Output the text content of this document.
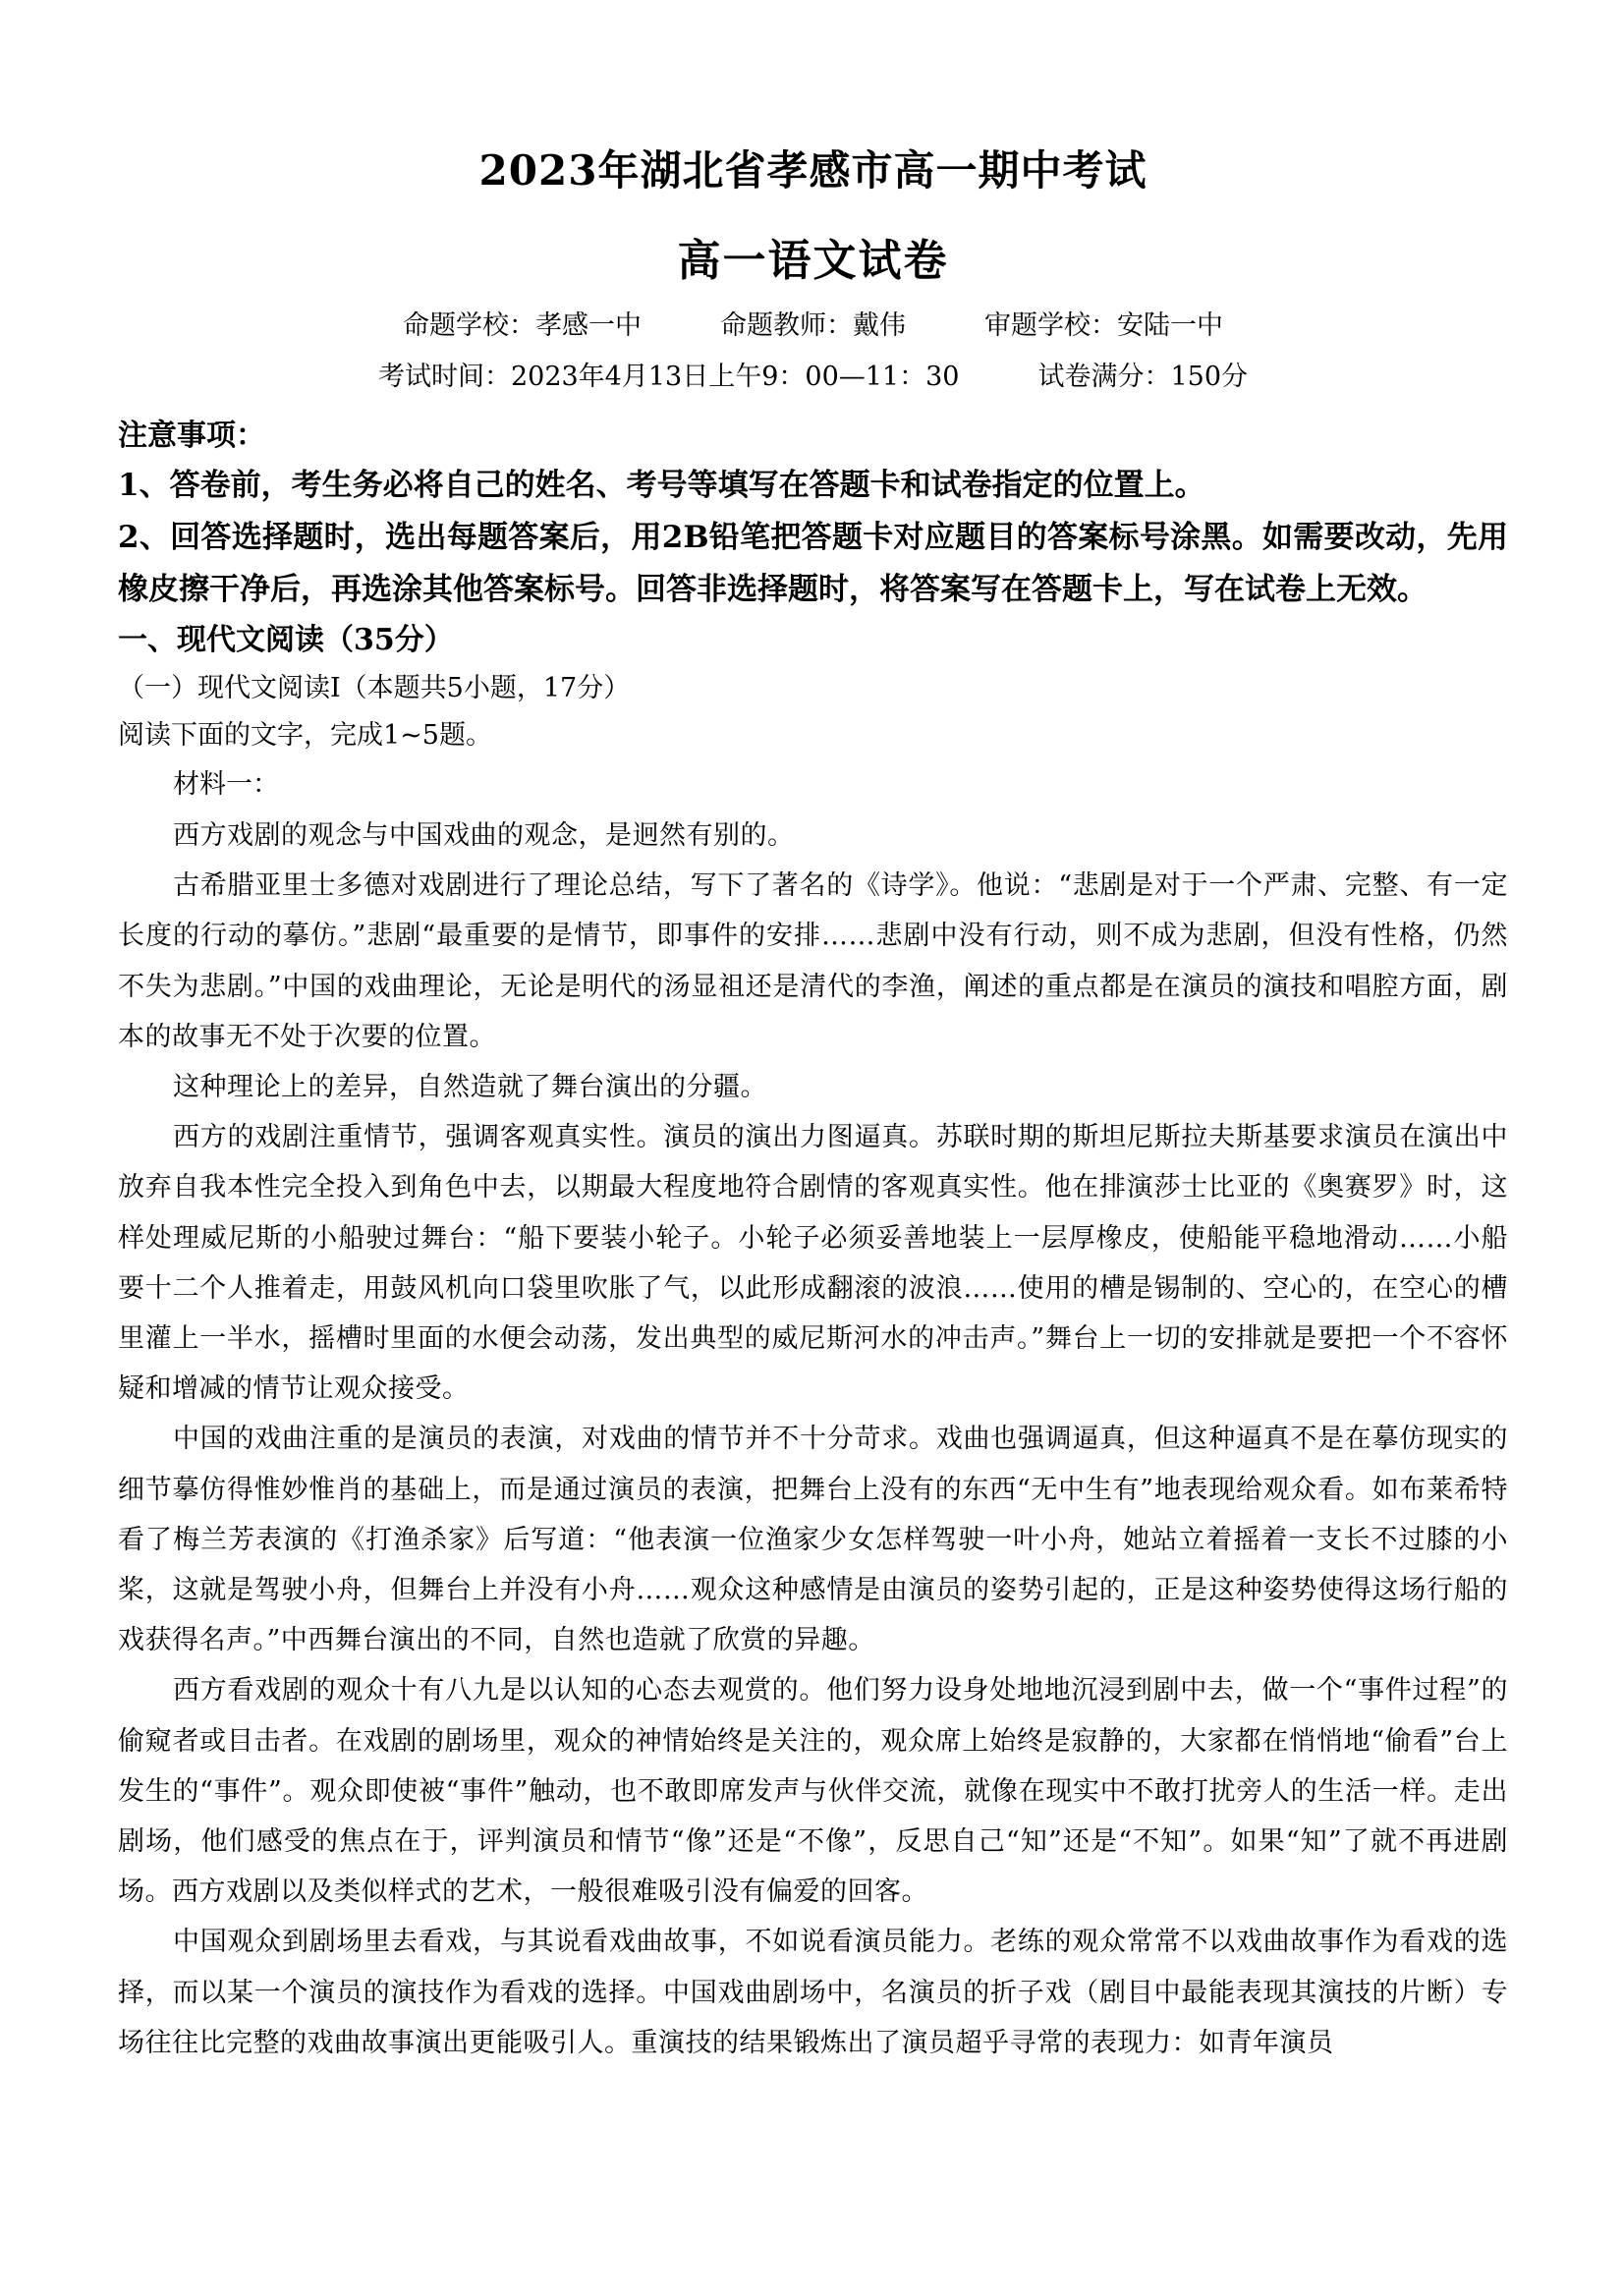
2023年湖北省孝感市高一期中考试
高一语文试卷
命题学校：孝感一中	命题教师：戴伟	审题学校：安陆一中
考试时间：2023年4月13日上午9：00—11：30	试卷满分：150分

注意事项：

1、答卷前，考生务必将自己的姓名、考号等填写在答题卡和试卷指定的位置上。

2、回答选择题时，选出每题答案后，用2B铅笔把答题卡对应题目的答案标号涂黑。如需要改动，先用橡皮擦干净后，再选涂其他答案标号。回答非选择题时，将答案写在答题卡上，写在试卷上无效。

一、现代文阅读（35分）

（一）现代文阅读Ⅰ（本题共5小题，17分）

阅读下面的文字，完成1~5题。

材料一：

西方戏剧的观念与中国戏曲的观念，是迥然有别的。

古希腊亚里士多德对戏剧进行了理论总结，写下了著名的《诗学》。他说：“悲剧是对于一个严肃、完整、有一定长度的行动的摹仿。”悲剧“最重要的是情节，即事件的安排……悲剧中没有行动，则不成为悲剧，但没有性格，仍然不失为悲剧。”中国的戏曲理论，无论是明代的汤显祖还是清代的李渔，阐述的重点都是在演员的演技和唱腔方面，剧本的故事无不处于次要的位置。

这种理论上的差异，自然造就了舞台演出的分疆。

西方的戏剧注重情节，强调客观真实性。演员的演出力图逼真。苏联时期的斯坦尼斯拉夫斯基要求演员在演出中放弃自我本性完全投入到角色中去，以期最大程度地符合剧情的客观真实性。他在排演莎士比亚的《奥赛罗》时，这样处理威尼斯的小船驶过舞台：“船下要装小轮子。小轮子必须妥善地装上一层厚橡皮，使船能平稳地滑动……小船要十二个人推着走，用鼓风机向口袋里吹胀了气，以此形成翻滚的波浪……使用的槽是锡制的、空心的，在空心的槽里灌上一半水，摇槽时里面的水便会动荡，发出典型的威尼斯河水的冲击声。”舞台上一切的安排就是要把一个不容怀疑和增减的情节让观众接受。

中国的戏曲注重的是演员的表演，对戏曲的情节并不十分苛求。戏曲也强调逼真，但这种逼真不是在摹仿现实的细节摹仿得惟妙惟肖的基础上，而是通过演员的表演，把舞台上没有的东西“无中生有”地表现给观众看。如布莱希特看了梅兰芳表演的《打渔杀家》后写道：“他表演一位渔家少女怎样驾驶一叶小舟，她站立着摇着一支长不过膝的小桨，这就是驾驶小舟，但舞台上并没有小舟……观众这种感情是由演员的姿势引起的，正是这种姿势使得这场行船的戏获得名声。”中西舞台演出的不同，自然也造就了欣赏的异趣。

西方看戏剧的观众十有八九是以认知的心态去观赏的。他们努力设身处地地沉浸到剧中去，做一个“事件过程”的偷窥者或目击者。在戏剧的剧场里，观众的神情始终是关注的，观众席上始终是寂静的，大家都在悄悄地“偷看”台上发生的“事件”。观众即使被“事件”触动，也不敢即席发声与伙伴交流，就像在现实中不敢打扰旁人的生活一样。走出剧场，他们感受的焦点在于，评判演员和情节“像”还是“不像”，反思自己“知”还是“不知”。如果“知”了就不再进剧场。西方戏剧以及类似样式的艺术，一般很难吸引没有偏爱的回客。

中国观众到剧场里去看戏，与其说看戏曲故事，不如说看演员能力。老练的观众常常不以戏曲故事作为看戏的选择，而以某一个演员的演技作为看戏的选择。中国戏曲剧场中，名演员的折子戏（剧目中最能表现其演技的片断）专场往往比完整的戏曲故事演出更能吸引人。重演技的结果锻炼出了演员超乎寻常的表现力：如青年演员
